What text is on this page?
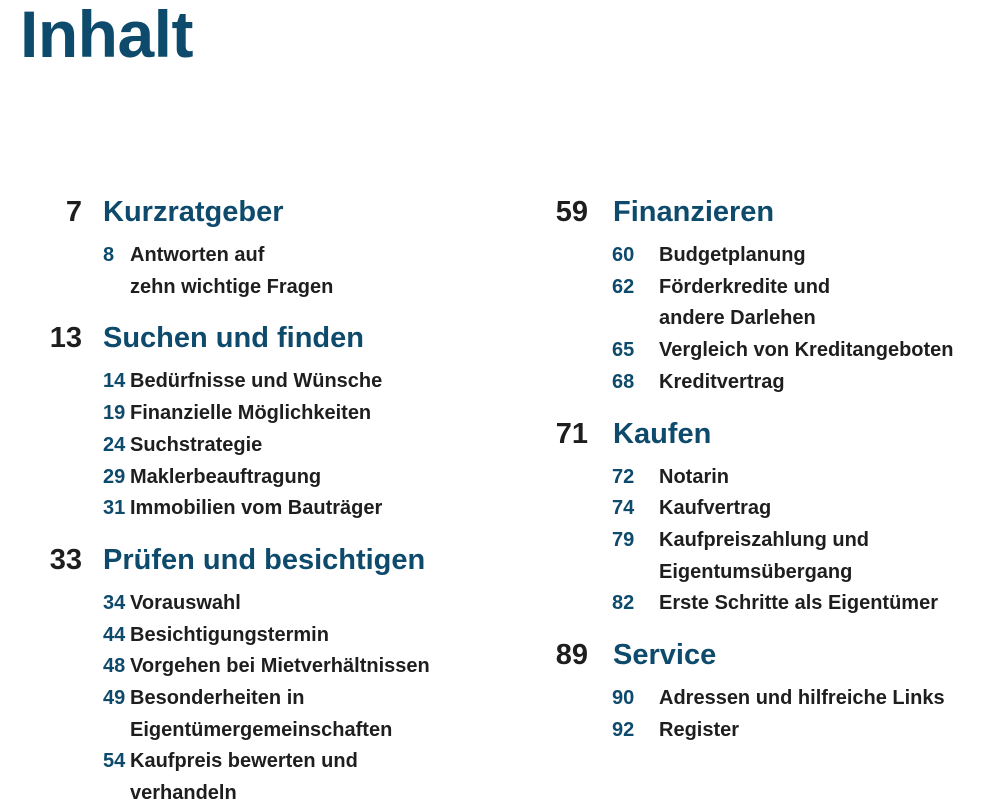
Inhalt
7 Kurzratgeber
8 Antworten auf
zehn wichtige Fragen
13 Suchen und finden
14 Bedürfnisse und Wünsche
19 Finanzielle Möglichkeiten
24 Suchstrategie
29 Maklerbeauftragung
31 Immobilien vom Bauträger
33 Prüfen und besichtigen
34 Vorauswahl
44 Besichtigungstermin
48 Vorgehen bei Mietverhältnissen
49 Besonderheiten in
Eigentümergemeinschaften
54 Kaufpreis bewerten und
verhandeln
59 Finanzieren
60	Budgetplanung
62	Förderkredite und
andere Darlehen
65	Vergleich von Kreditangeboten
68	Kreditvertrag
71 Kaufen
72	Notarin
74	Kaufvertrag
79	Kaufpreiszahlung und
Eigentumsübergang
82	Erste Schritte als Eigentümer
89 Service
90	Adressen und hilfreiche Links
92	Register
